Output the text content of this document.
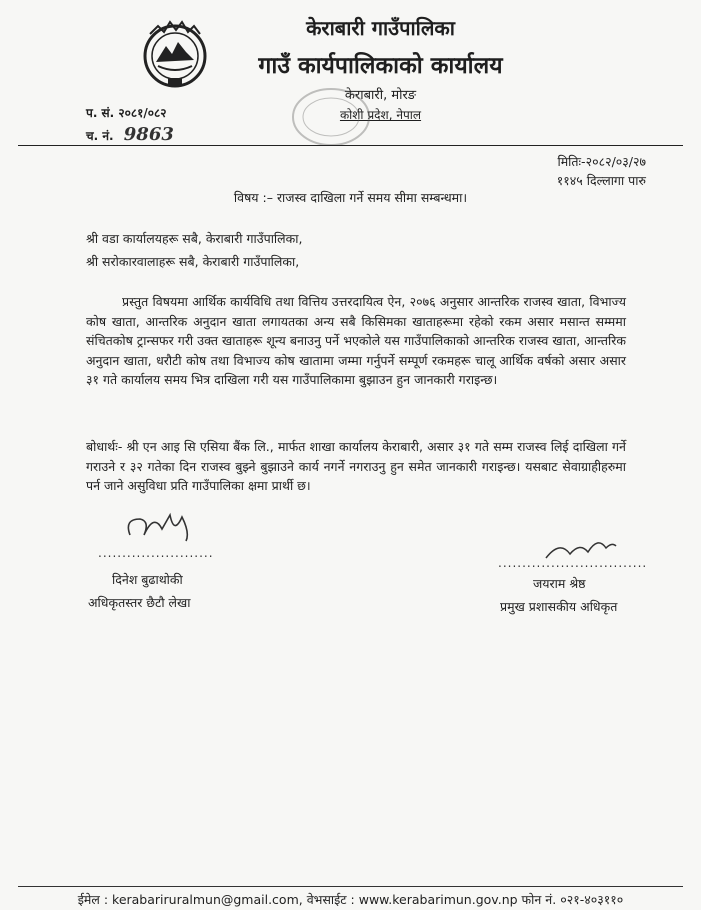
केराबारी गाउँपालिका
गाउँ कार्यपालिकाको कार्यालय
केराबारी, मोरङ
कोशी प्रदेश, नेपाल
प. सं. २०८१/०८२
च. नं. 9863
मितिः-२०८२/०३/२७
११४५ दिल्लागा पारु
विषय :– राजस्व दाखिला गर्ने समय सीमा सम्बन्धमा।
श्री वडा कार्यालयहरू सबै, केराबारी गाउँपालिका,
श्री सरोकारवालाहरू सबै, केराबारी गाउँपालिका,
प्रस्तुत विषयमा आर्थिक कार्यविधि तथा वित्तिय उत्तरदायित्व ऐन, २०७६ अनुसार आन्तरिक राजस्व खाता, विभाज्य कोष खाता, आन्तरिक अनुदान खाता लगायतका अन्य सबै किसिमका खाताहरूमा रहेको रकम असार मसान्त सम्ममा संचितकोष ट्रान्सफर गरी उक्त खाताहरू शून्य बनाउनु पर्ने भएकोले यस गाउँपालिकाको आन्तरिक राजस्व खाता, आन्तरिक अनुदान खाता, धरौटी कोष तथा विभाज्य कोष खातामा जम्मा गर्नुपर्ने सम्पूर्ण रकमहरू चालू आर्थिक वर्षको असार असार ३१ गते कार्यालय समय भित्र दाखिला गरी यस गाउँपालिकामा बुझाउन हुन जानकारी गराइन्छ।
बोधार्थः- श्री एन आइ सि एसिया बैंक लि., मार्फत शाखा कार्यालय केराबारी, असार ३१ गते सम्म राजस्व लिई दाखिला गर्ने गराउने र ३२ गतेका दिन राजस्व बुझ्ने बुझाउने कार्य नगर्ने नगराउनु हुन समेत जानकारी गराइन्छ। यसबाट सेवाग्राहीहरुमा पर्न जाने असुविधा प्रति गाउँपालिका क्षमा प्रार्थी छ।
........................
दिनेश बुढाथोकी
अधिकृतस्तर छैटौ लेखा
...............................
जयराम श्रेष्ठ
प्रमुख प्रशासकीय अधिकृत
ईमेल : kerabariruralmun@gmail.com, वेभसाईट : www.kerabarimun.gov.np फोन नं. ०२१-४०३११०
